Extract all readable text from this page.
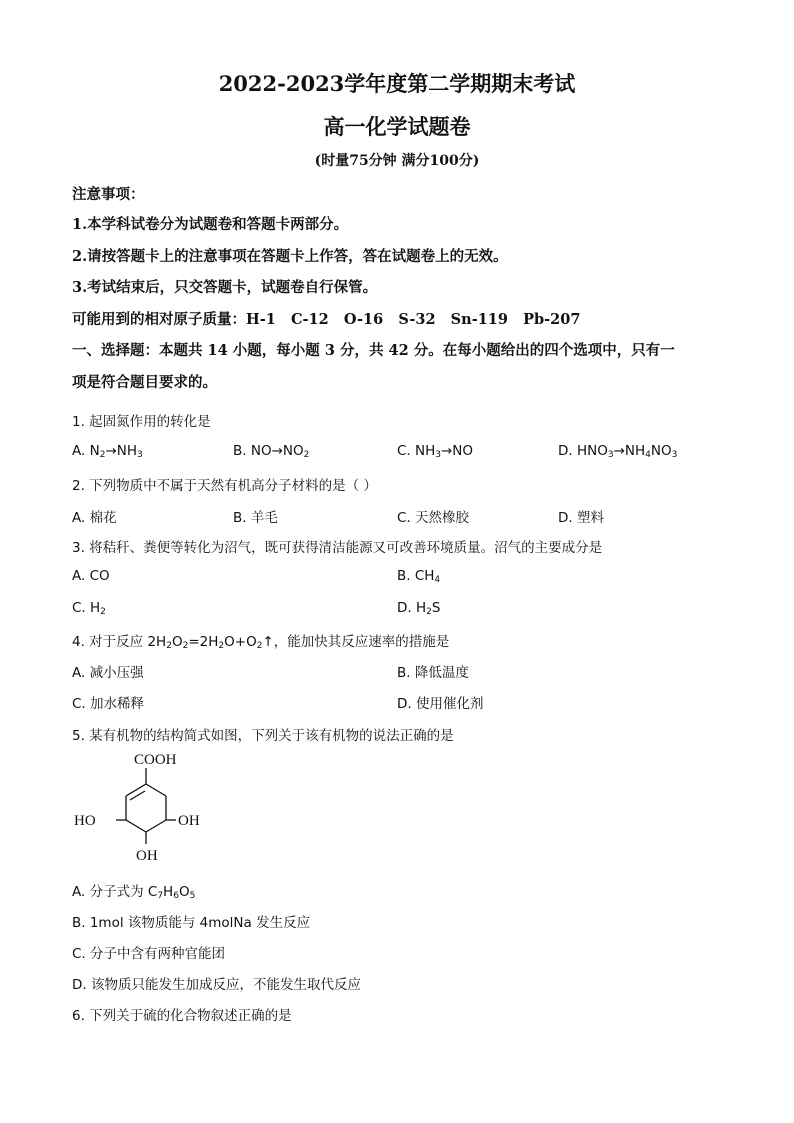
2022-2023学年度第二学期期末考试
高一化学试题卷
(时量75分钟 满分100分)
注意事项：
1.本学科试卷分为试题卷和答题卡两部分。
2.请按答题卡上的注意事项在答题卡上作答，答在试题卷上的无效。
3.考试结束后，只交答题卡，试题卷自行保管。
可能用到的相对原子质量：H-1   C-12   O-16   S-32   Sn-119   Pb-207
一、选择题：本题共 14 小题，每小题 3 分，共 42 分。在每小题给出的四个选项中，只有一
项是符合题目要求的。
1. 起固氮作用的转化是
A. $N_2\to NH_3$	B. $NO\to NO_2$	C. $NH_3\to NO$	D. $HNO_3\to NH_4NO_3$
2. 下列物质中不属于天然有机高分子材料的是（ ）
A. 棉花	B. 羊毛	C. 天然橡胶	D. 塑料
3. 将秸秆、粪便等转化为沼气，既可获得清洁能源又可改善环境质量。沼气的主要成分是
A. CO	B. $CH_4$
C. $H_2$	D. $H_2S$
4. 对于反应 $2H_2O_2=2H_2O+O_2↑$，能加快其反应速率的措施是
A. 减小压强	B. 降低温度
C. 加水稀释	D. 使用催化剂
5. 某有机物的结构简式如图，下列关于该有机物的说法正确的是
COOH
HO	OH
OH
A. 分子式为 $C_7H_6O_5$
B. 1mol 该物质能与 4molNa 发生反应
C. 分子中含有两种官能团
D. 该物质只能发生加成反应，不能发生取代反应
6. 下列关于硫的化合物叙述正确的是
